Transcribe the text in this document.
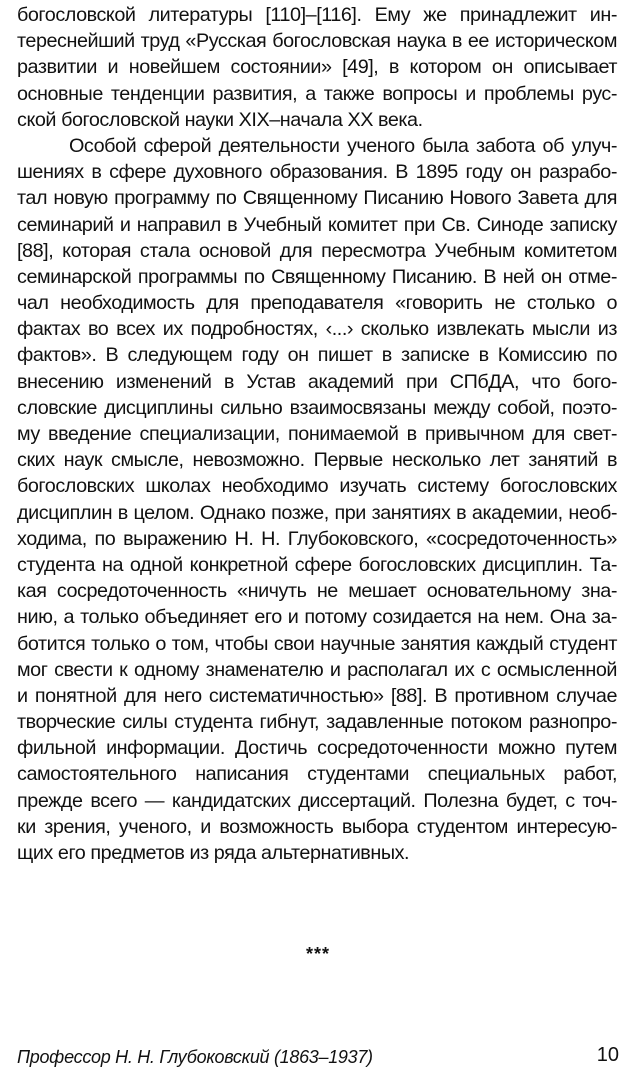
богословской литературы [110]–[116]. Ему же принадлежит ин-
тереснейший труд «Русская богословская наука в ее историческом
развитии и новейшем состоянии» [49], в котором он описывает
основные тенденции развития, а также вопросы и проблемы рус-
ской богословской науки XIX–начала XX века.
Особой сферой деятельности ученого была забота об улуч-
шениях в сфере духовного образования. В 1895 году он разрабо-
тал новую программу по Священному Писанию Нового Завета для
семинарий и направил в Учебный комитет при Св. Синоде записку
[88], которая стала основой для пересмотра Учебным комитетом
семинарской программы по Священному Писанию. В ней он отме-
чал необходимость для преподавателя «говорить не столько о
фактах во всех их подробностях, ‹...› сколько извлекать мысли из
фактов». В следующем году он пишет в записке в Комиссию по
внесению изменений в Устав академий при СПбДА, что бого-
словские дисциплины сильно взаимосвязаны между собой, поэто-
му введение специализации, понимаемой в привычном для свет-
ских наук смысле, невозможно. Первые несколько лет занятий в
богословских школах необходимо изучать систему богословских
дисциплин в целом. Однако позже, при занятиях в академии, необ-
ходима, по выражению Н. Н. Глубоковского, «сосредоточенность»
студента на одной конкретной сфере богословских дисциплин. Та-
кая сосредоточенность «ничуть не мешает основательному зна-
нию, а только объединяет его и потому созидается на нем. Она за-
ботится только о том, чтобы свои научные занятия каждый студент
мог свести к одному знаменателю и располагал их с осмысленной
и понятной для него систематичностью» [88]. В противном случае
творческие силы студента гибнут, задавленные потоком разнопро-
фильной информации. Достичь сосредоточенности можно путем
самостоятельного написания студентами специальных работ,
прежде всего — кандидатских диссертаций. Полезна будет, с точ-
ки зрения, ученого, и возможность выбора студентом интересую-
щих его предметов из ряда альтернативных.
***
Профессор Н. Н. Глубоковский (1863–1937)	10
